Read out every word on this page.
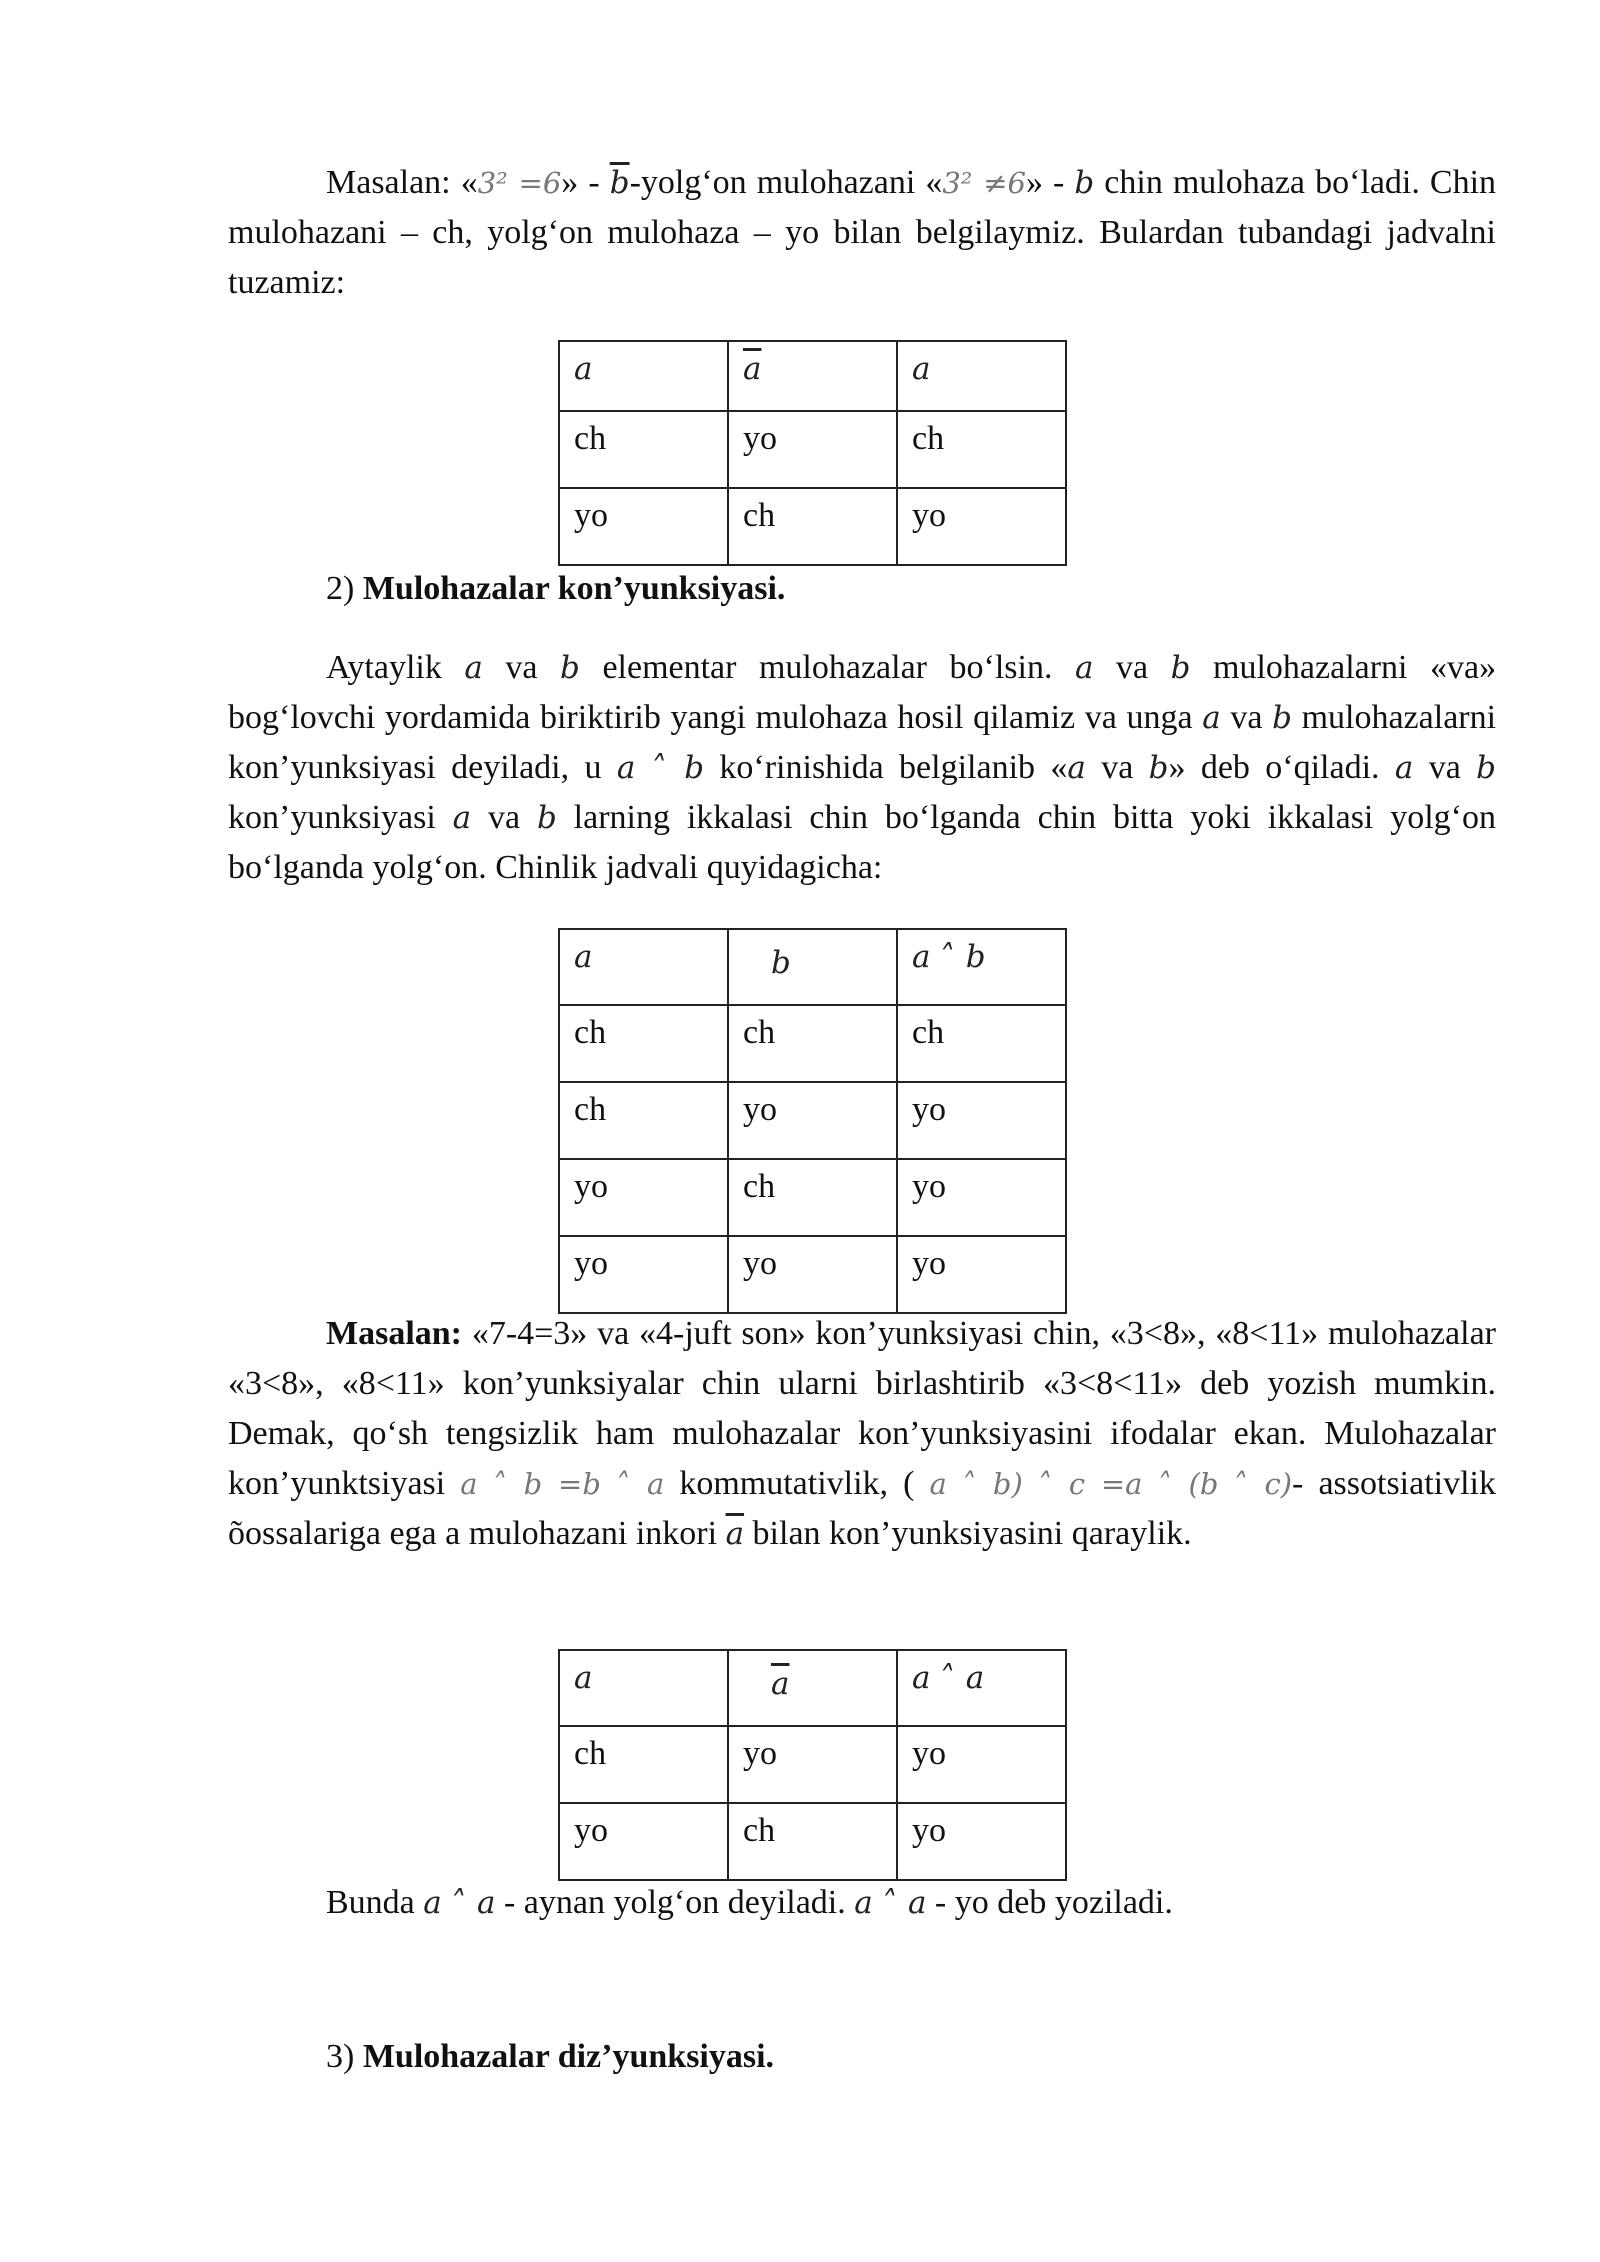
Masalan: «3² =6» - $\overline{b}-yolg‘on$ mulohazani «3² ≠6» - b chin mulohaza bo‘ladi. Chin mulohazani – ch, yolg‘on mulohaza – yo bilan belgilaymiz. Bulardan tubandagi jadvalni tuzamiz:
a	$\overline{a}$	a
ch	yo	ch
yo	ch	yo
2) Mulohazalar kon’yunksiyasi.
Aytaylik a va b elementar mulohazalar bo‘lsin. a va b mulohazalarni «va» bog‘lovchi yordamida biriktirib yangi mulohaza hosil qilamiz va unga a va b mulohazalarni kon’yunksiyasi deyiladi, u a ˄ b ko‘rinishida belgilanib «a va b» deb o‘qiladi. a va b kon’yunksiyasi a va b larning ikkalasi chin bo‘lganda chin bitta yoki ikkalasi yolg‘on bo‘lganda yolg‘on. Chinlik jadvali quyidagicha:
a	b	a ˄ b
ch	ch	ch
ch	yo	yo
yo	ch	yo
yo	yo	yo
Masalan: «7-4=3» va «4-juft son» kon’yunksiyasi chin, «3<8», «8<11» mulohazalar «3<8», «8<11» kon’yunksiyalar chin ularni birlashtirib «3<8<11» deb yozish mumkin. Demak, qo‘sh tengsizlik ham mulohazalar kon’yunksiyasini ifodalar ekan. Mulohazalar kon’yunktsiyasi a ˄ b =b ˄ a kommutativlik, ( a ˄ b) ˄ c =a ˄ (b ˄ c)- assotsiativlik õossalariga ega a mulohazani inkori $\overline{a}$ bilan kon’yunksiyasini qaraylik.
a	$\overline{a}$	a ˄ a
ch	yo	yo
yo	ch	yo
Bunda a ˄ a - aynan yolg‘on deyiladi. a ˄ a - yo deb yoziladi.
3) Mulohazalar diz’yunksiyasi.
